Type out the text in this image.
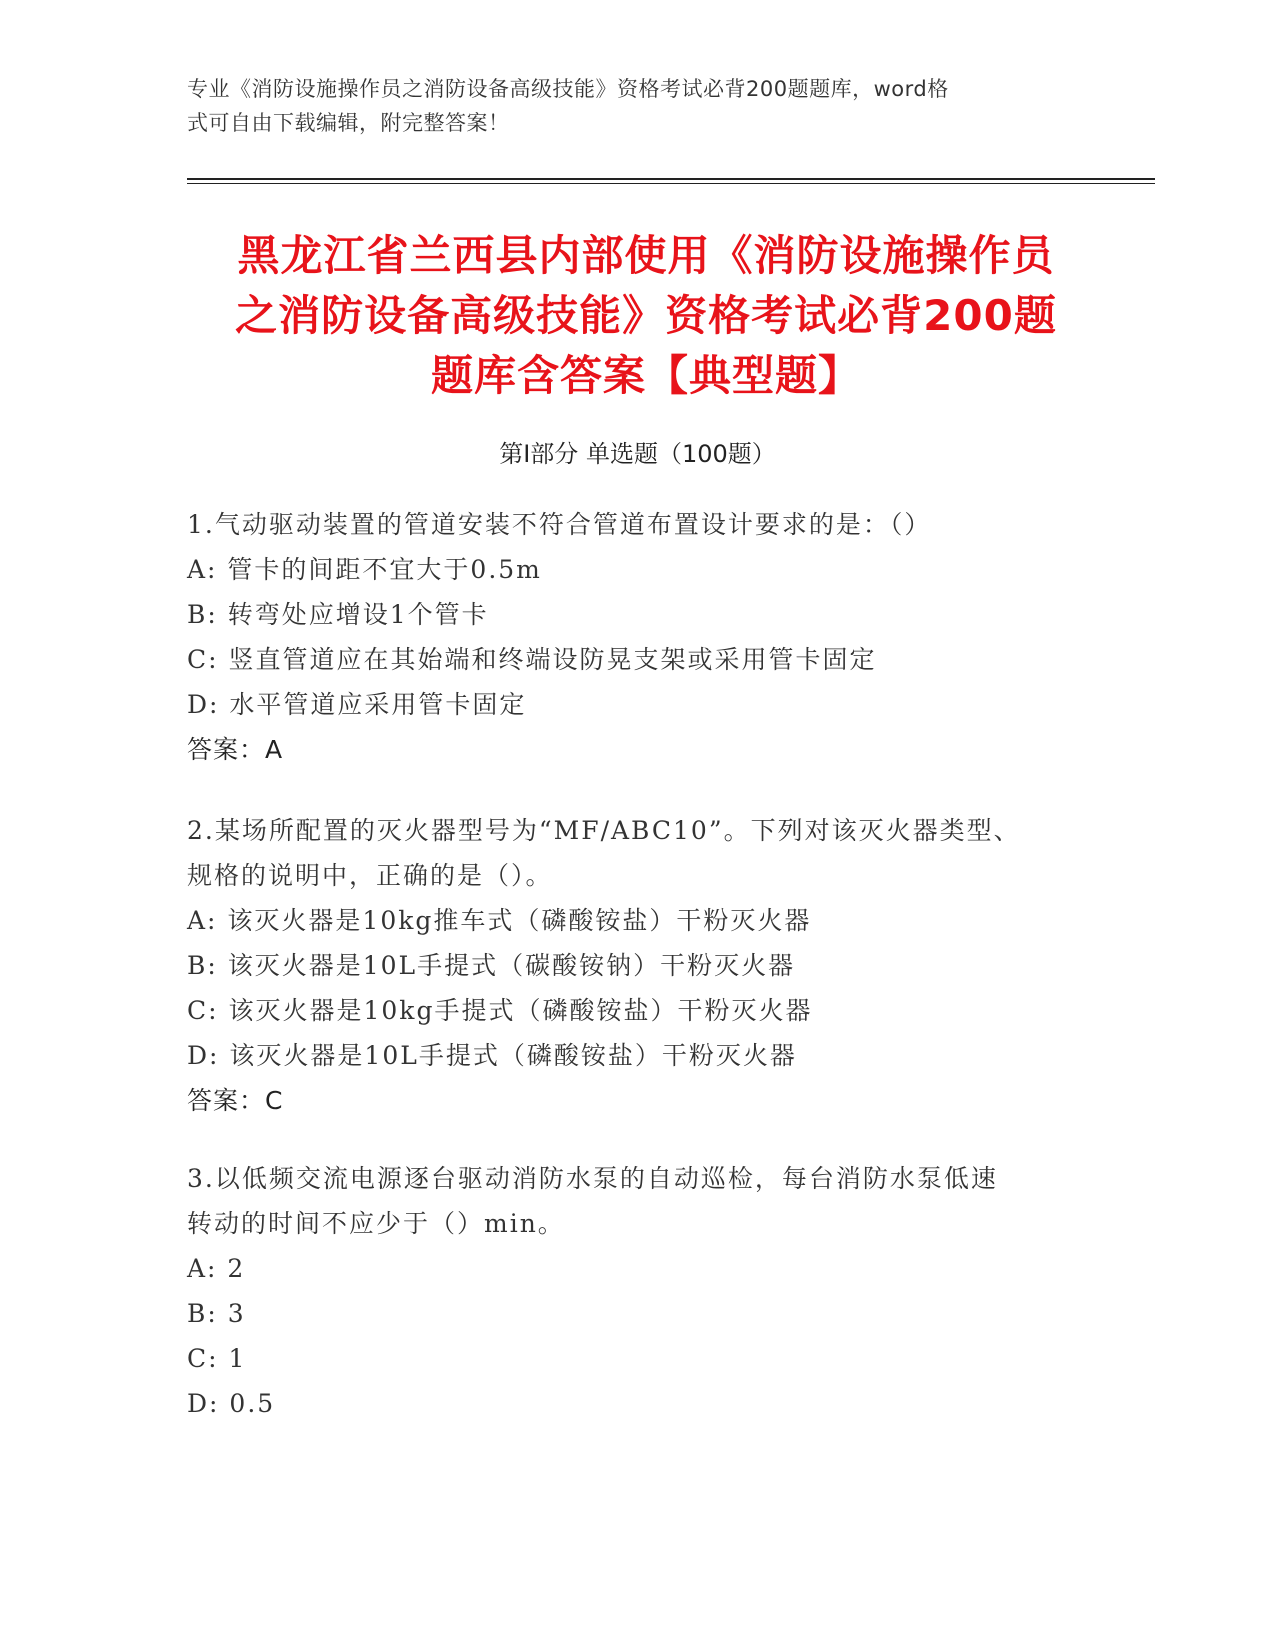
专业《消防设施操作员之消防设备高级技能》资格考试必背200题题库，word格
式可自由下载编辑，附完整答案！
黑龙江省兰西县内部使用《消防设施操作员
之消防设备高级技能》资格考试必背200题
题库含答案【典型题】
第Ⅰ部分 单选题（100题）
1.气动驱动装置的管道安装不符合管道布置设计要求的是：（）
A: 管卡的间距不宜大于0.5m
B: 转弯处应增设1个管卡
C: 竖直管道应在其始端和终端设防晃支架或采用管卡固定
D: 水平管道应采用管卡固定
答案：A
2.某场所配置的灭火器型号为“MF/ABC10”。下列对该灭火器类型、
规格的说明中，正确的是（）。
A: 该灭火器是10kg推车式（磷酸铵盐）干粉灭火器
B: 该灭火器是10L手提式（碳酸铵钠）干粉灭火器
C: 该灭火器是10kg手提式（磷酸铵盐）干粉灭火器
D: 该灭火器是10L手提式（磷酸铵盐）干粉灭火器
答案：C
3.以低频交流电源逐台驱动消防水泵的自动巡检，每台消防水泵低速
转动的时间不应少于（）min。
A: 2
B: 3
C: 1
D: 0.5
